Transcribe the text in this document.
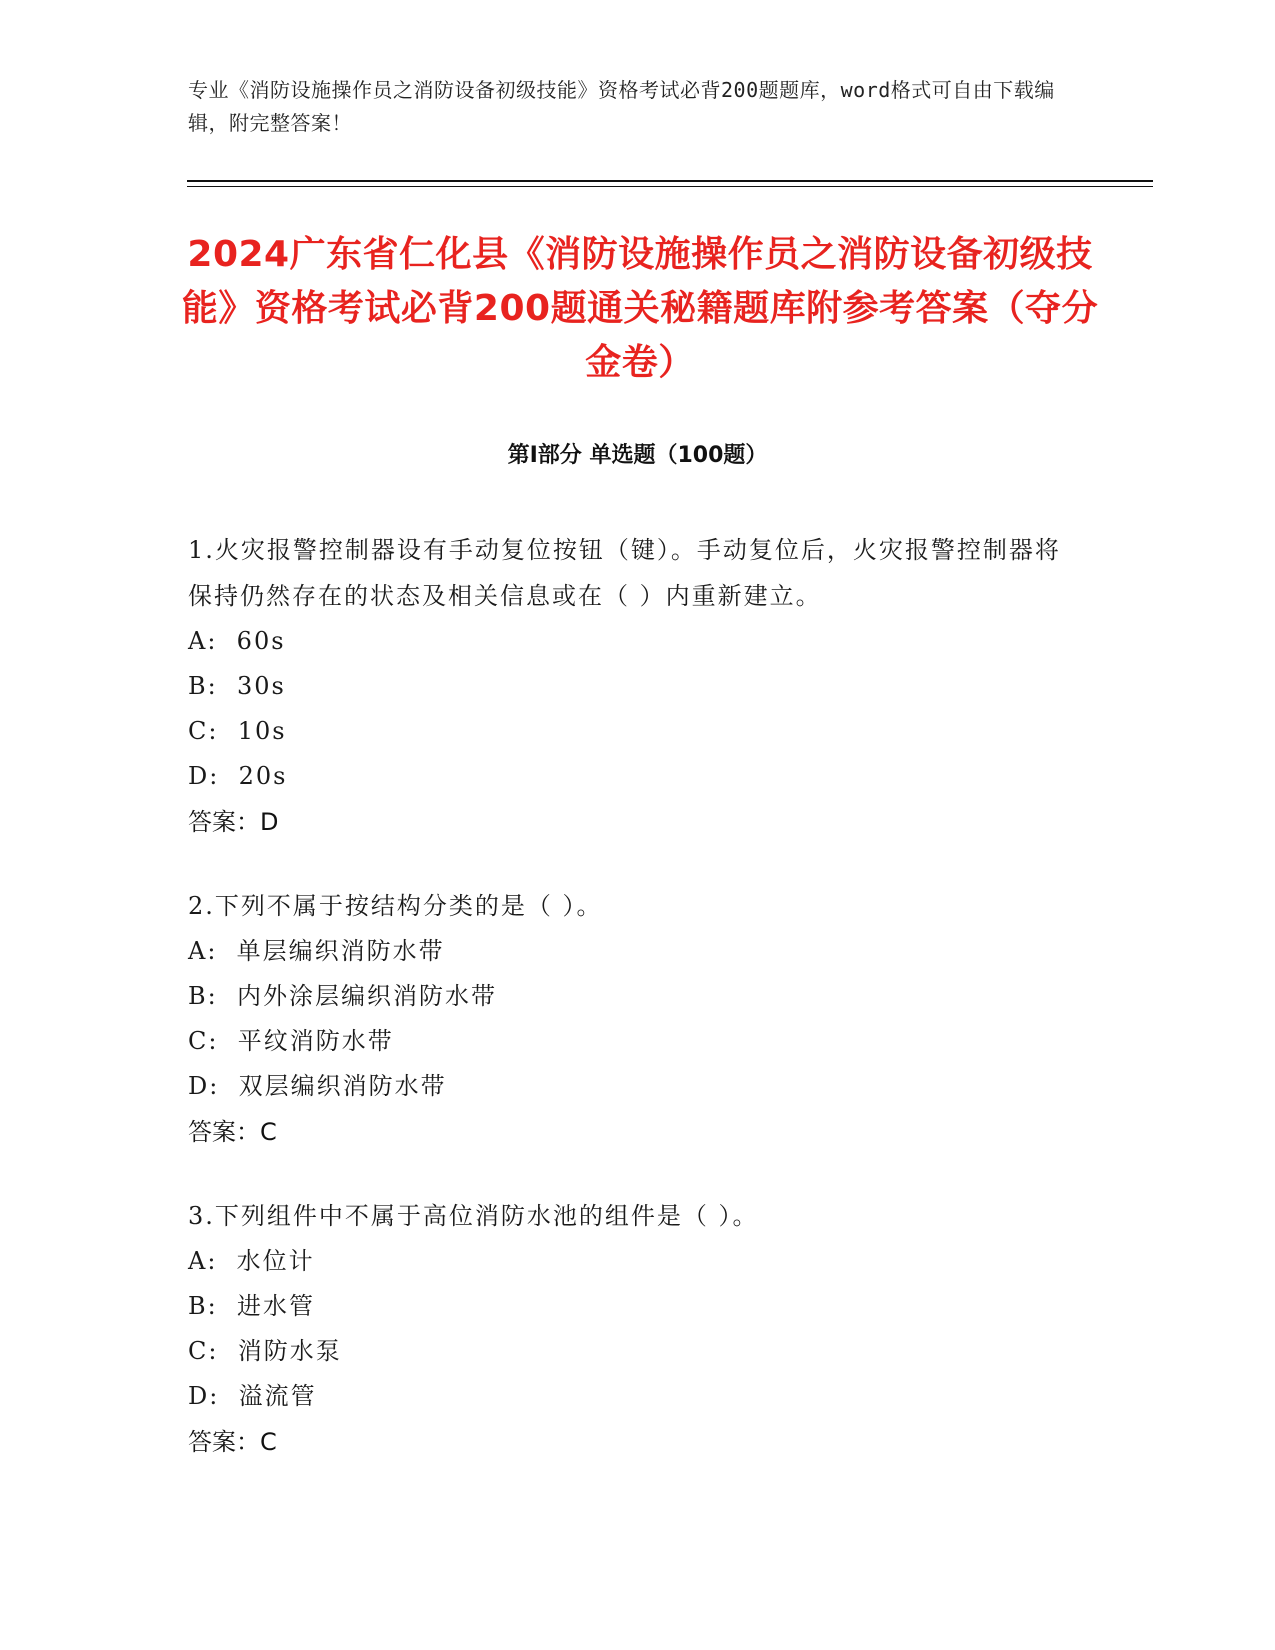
专业《消防设施操作员之消防设备初级技能》资格考试必背200题题库，word格式可自由下载编辑，附完整答案！
2024广东省仁化县《消防设施操作员之消防设备初级技能》资格考试必背200题通关秘籍题库附参考答案（夺分金卷）
第I部分 单选题（100题）
1.火灾报警控制器设有手动复位按钮（键）。手动复位后，火灾报警控制器将保持仍然存在的状态及相关信息或在（ ）内重新建立。
A:  60s
B:  30s
C:  10s
D:  20s
答案：D
2.下列不属于按结构分类的是（ ）。
A:  单层编织消防水带
B:  内外涂层编织消防水带
C:  平纹消防水带
D:  双层编织消防水带
答案：C
3.下列组件中不属于高位消防水池的组件是（ ）。
A:  水位计
B:  进水管
C:  消防水泵
D:  溢流管
答案：C
